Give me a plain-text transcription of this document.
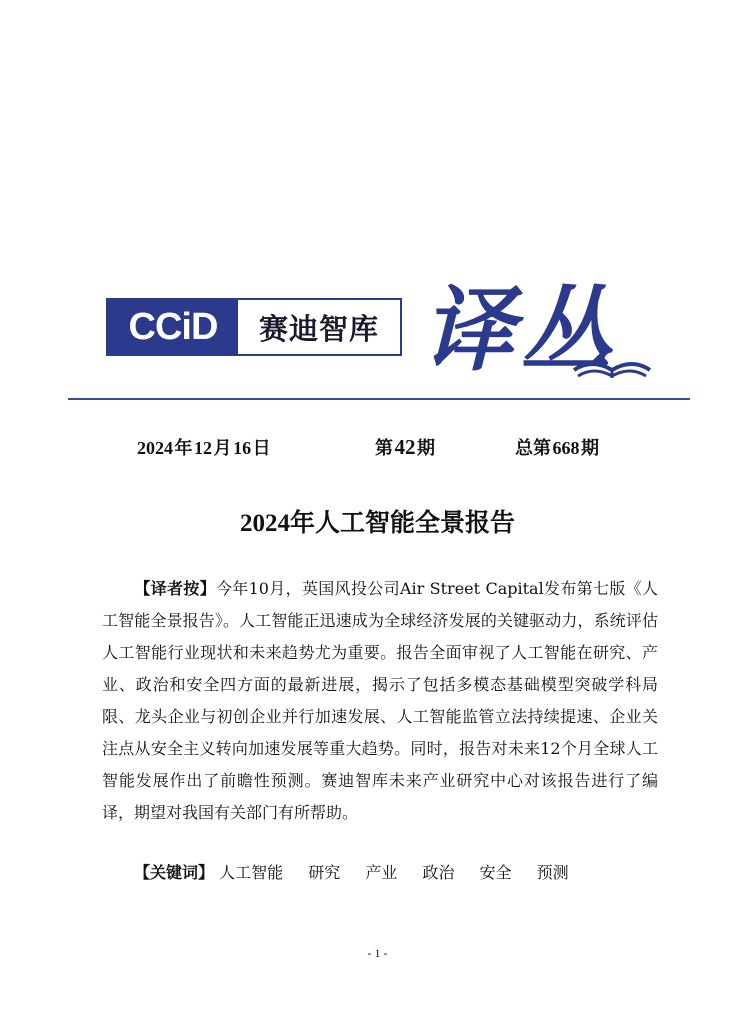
CCiD	赛迪智库 译丛
2024 年 12 月 16 日	第 42 期	总第 668 期
2024年人工智能全景报告
【译者按】今年10月，英国风投公司Air Street Capital发布第七版《人工智能全景报告》。人工智能正迅速成为全球经济发展的关键驱动力，系统评估人工智能行业现状和未来趋势尤为重要。报告全面审视了人工智能在研究、产业、政治和安全四方面的最新进展，揭示了包括多模态基础模型突破学科局限、龙头企业与初创企业并行加速发展、人工智能监管立法持续提速、企业关注点从安全主义转向加速发展等重大趋势。同时，报告对未来12个月全球人工智能发展作出了前瞻性预测。赛迪智库未来产业研究中心对该报告进行了编译，期望对我国有关部门有所帮助。
【关键词】 人工智能 研究 产业 政治 安全 预测
- 1 -
